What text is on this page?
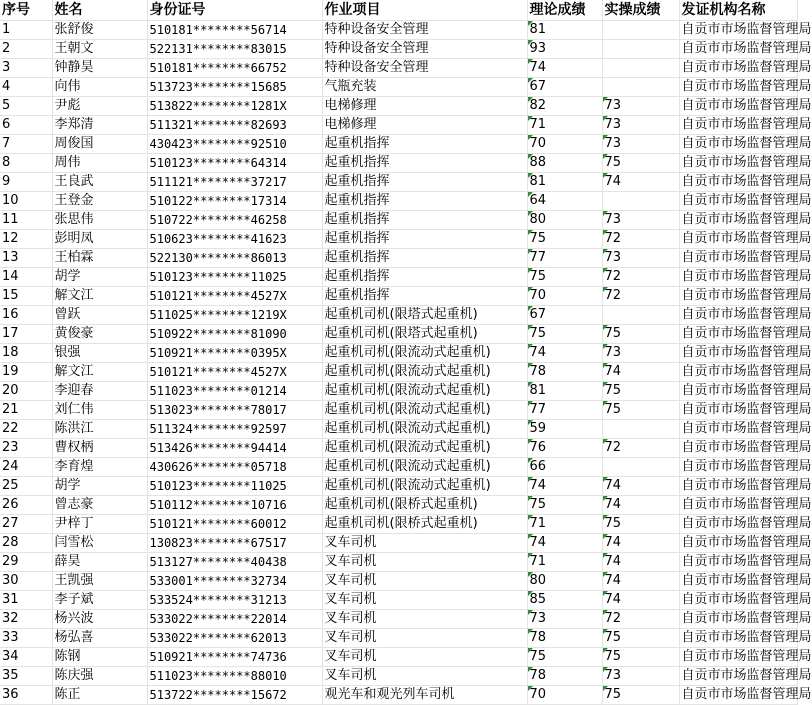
序号	姓名	身份证号	作业项目	理论成绩	实操成绩	发证机构名称
1	张舒俊	510181********56714	特种设备安全管理	81		自贡市市场监督管理局
2	王朝文	522131********83015	特种设备安全管理	93		自贡市市场监督管理局
3	钟静昊	510181********66752	特种设备安全管理	74		自贡市市场监督管理局
4	向伟	513723********15685	气瓶充装	67		自贡市市场监督管理局
5	尹彪	513822********1281X	电梯修理	82	73	自贡市市场监督管理局
6	李郑清	511321********82693	电梯修理	71	73	自贡市市场监督管理局
7	周俊国	430423********92510	起重机指挥	70	73	自贡市市场监督管理局
8	周伟	510123********64314	起重机指挥	88	75	自贡市市场监督管理局
9	王良武	511121********37217	起重机指挥	81	74	自贡市市场监督管理局
10	王登金	510122********17314	起重机指挥	64		自贡市市场监督管理局
11	张思伟	510722********46258	起重机指挥	80	73	自贡市市场监督管理局
12	彭明凤	510623********41623	起重机指挥	75	72	自贡市市场监督管理局
13	王柏霖	522130********86013	起重机指挥	77	73	自贡市市场监督管理局
14	胡学	510123********11025	起重机指挥	75	72	自贡市市场监督管理局
15	解文江	510121********4527X	起重机指挥	70	72	自贡市市场监督管理局
16	曾跃	511025********1219X	起重机司机(限塔式起重机)	67		自贡市市场监督管理局
17	黄俊豪	510922********81090	起重机司机(限塔式起重机)	75	75	自贡市市场监督管理局
18	银强	510921********0395X	起重机司机(限流动式起重机)	74	73	自贡市市场监督管理局
19	解文江	510121********4527X	起重机司机(限流动式起重机)	78	74	自贡市市场监督管理局
20	李迎春	511023********01214	起重机司机(限流动式起重机)	81	75	自贡市市场监督管理局
21	刘仁伟	513023********78017	起重机司机(限流动式起重机)	77	75	自贡市市场监督管理局
22	陈洪江	511324********92597	起重机司机(限流动式起重机)	59		自贡市市场监督管理局
23	曹权柄	513426********94414	起重机司机(限流动式起重机)	76	72	自贡市市场监督管理局
24	李育煌	430626********05718	起重机司机(限流动式起重机)	66		自贡市市场监督管理局
25	胡学	510123********11025	起重机司机(限流动式起重机)	74	74	自贡市市场监督管理局
26	曾志豪	510112********10716	起重机司机(限桥式起重机)	75	74	自贡市市场监督管理局
27	尹梓丁	510121********60012	起重机司机(限桥式起重机)	71	75	自贡市市场监督管理局
28	闫雪松	130823********67517	叉车司机	74	74	自贡市市场监督管理局
29	薛昊	513127********40438	叉车司机	71	74	自贡市市场监督管理局
30	王凯强	533001********32734	叉车司机	80	74	自贡市市场监督管理局
31	李子斌	533524********31213	叉车司机	85	74	自贡市市场监督管理局
32	杨兴波	533022********22014	叉车司机	73	72	自贡市市场监督管理局
33	杨弘喜	533022********62013	叉车司机	78	75	自贡市市场监督管理局
34	陈钢	510921********74736	叉车司机	75	75	自贡市市场监督管理局
35	陈庆强	511023********88010	叉车司机	78	73	自贡市市场监督管理局
36	陈正	513722********15672	观光车和观光列车司机	70	75	自贡市市场监督管理局
